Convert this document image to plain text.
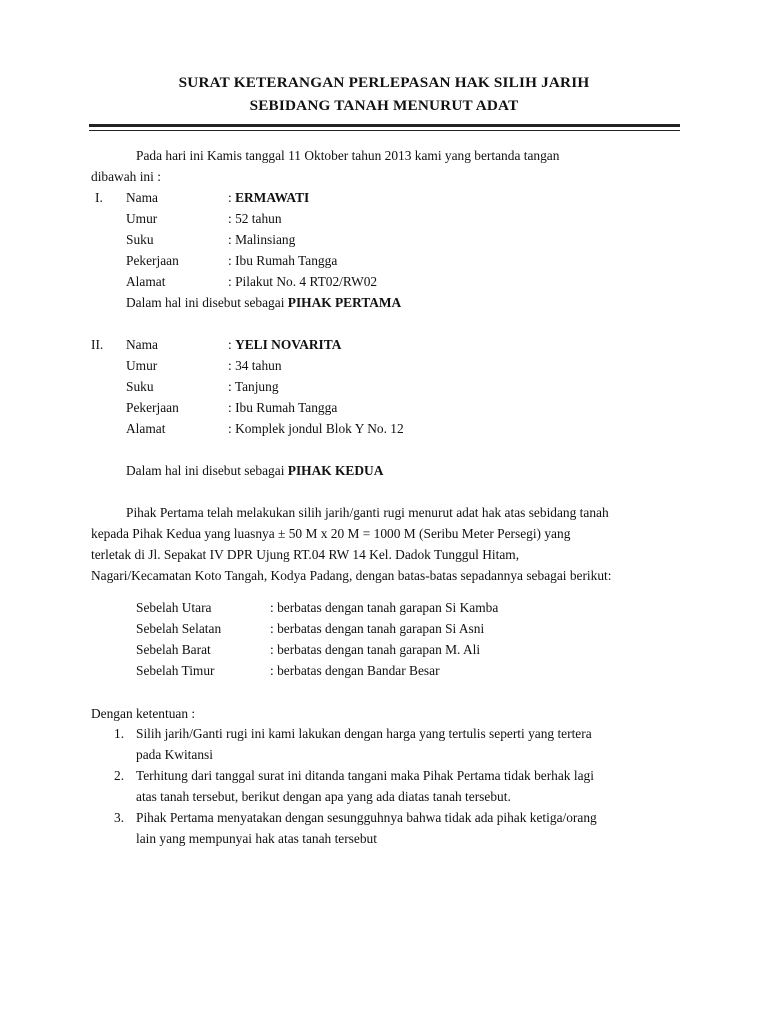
SURAT KETERANGAN PERLEPASAN HAK SILIH JARIH
SEBIDANG TANAH MENURUT ADAT
Pada hari ini Kamis tanggal 11 Oktober tahun 2013 kami yang bertanda tangan
dibawah ini :
I. Nama	: ERMAWATI
Umur	: 52 tahun
Suku	: Malinsiang
Pekerjaan	: Ibu Rumah Tangga
Alamat	: Pilakut No. 4 RT02/RW02
Dalam hal ini disebut sebagai PIHAK PERTAMA
II. Nama	: YELI NOVARITA
Umur	: 34 tahun
Suku	: Tanjung
Pekerjaan	: Ibu Rumah Tangga
Alamat	: Komplek jondul Blok Y No. 12
Dalam hal ini disebut sebagai PIHAK KEDUA
Pihak Pertama telah melakukan silih jarih/ganti rugi menurut adat hak atas sebidang tanah
kepada Pihak Kedua yang luasnya ± 50 M x 20 M = 1000 M (Seribu Meter Persegi) yang
terletak di Jl. Sepakat IV DPR Ujung RT.04 RW 14 Kel. Dadok Tunggul Hitam,
Nagari/Kecamatan Koto Tangah, Kodya Padang, dengan batas-batas sepadannya sebagai berikut:
Sebelah Utara	: berbatas dengan tanah garapan Si Kamba
Sebelah Selatan	: berbatas dengan tanah garapan Si Asni
Sebelah Barat	: berbatas dengan tanah garapan M. Ali
Sebelah Timur	: berbatas dengan Bandar Besar
Dengan ketentuan :
1. Silih jarih/Ganti rugi ini kami lakukan dengan harga yang tertulis seperti yang tertera
pada Kwitansi
2. Terhitung dari tanggal surat ini ditanda tangani maka Pihak Pertama tidak berhak lagi
atas tanah tersebut, berikut dengan apa yang ada diatas tanah tersebut.
3. Pihak Pertama menyatakan dengan sesungguhnya bahwa tidak ada pihak ketiga/orang
lain yang mempunyai hak atas tanah tersebut
